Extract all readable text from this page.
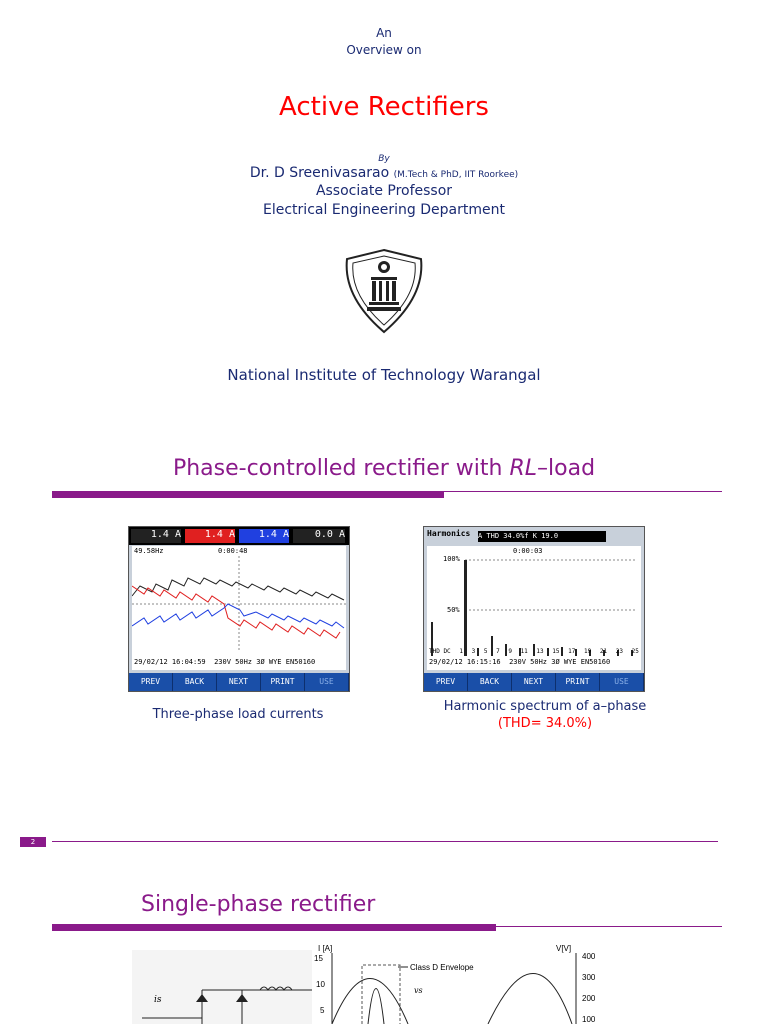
An
Overview on
Active Rectifiers
By
Dr. D Sreenivasarao (M.Tech & PhD, IIT Roorkee)
Associate Professor
Electrical Engineering Department
National Institute of Technology Warangal
Phase-controlled rectifier with RL–load
1.4 A	1.4 A	1.4 A	0.0 A
49.58Hz	0:00:48
29/02/12 16:04:59 230V 50Hz 3Ø WYE EN50160
PREV	BACK	NEXT	PRINT	USE
Harmonics A THD 34.0%f K 19.0
0:00:03
100%
50%
THD DC 1 3 5 7 9 11 13 15 17 19 21 23 25
29/02/12 16:15:16 230V 50Hz 3Ø WYE EN50160
PREV	BACK	NEXT	PRINT	USE
Three-phase load currents
Harmonic spectrum of a–phase
(THD= 34.0%)
2
Single-phase rectifier
is
I [A]	V[V]
15
10
5
400
300
200
100
Class D Envelope
vs
